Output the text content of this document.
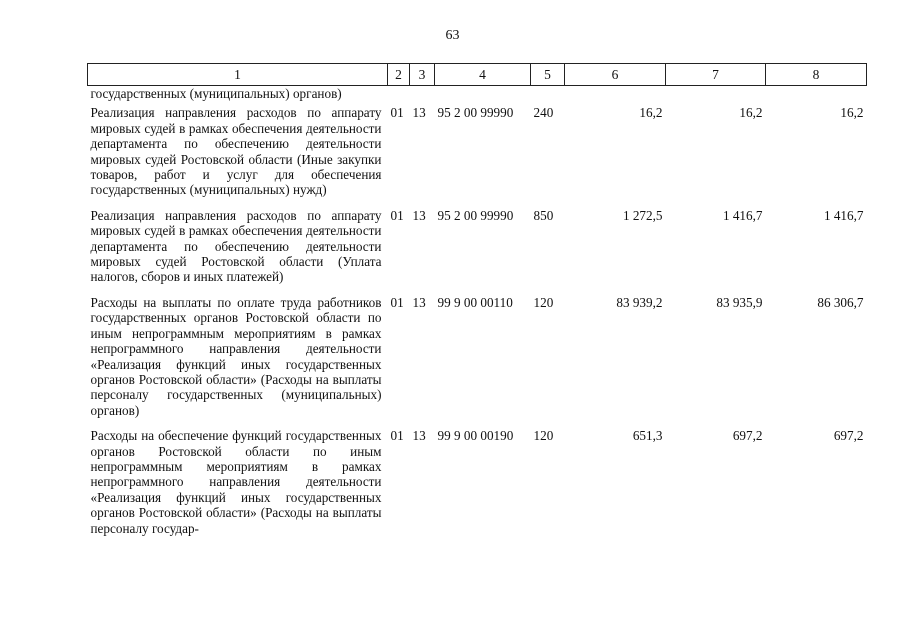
63
1	2	3	4	5	6	7	8
государственных (муниципальных) органов)							
Реализация направления расходов по аппарату мировых судей в рамках обеспечения деятельности департамента по обеспечению деятельности мировых судей Ростовской области (Иные закупки товаров, работ и услуг для обеспечения государственных (муниципальных) нужд)	01	13	95 2 00 99990	240	16,2	16,2	16,2
Реализация направления расходов по аппарату мировых судей в рамках обеспечения деятельности департамента по обеспечению деятельности мировых судей Ростовской области (Уплата налогов, сборов и иных платежей)	01	13	95 2 00 99990	850	1 272,5	1 416,7	1 416,7
Расходы на выплаты по оплате труда работников государственных органов Ростовской области по иным непрограммным мероприятиям в рамках непрограммного направления деятельности «Реализация функций иных государственных органов Ростовской области» (Расходы на выплаты персоналу государственных (муниципальных) органов)	01	13	99 9 00 00110	120	83 939,2	83 935,9	86 306,7
Расходы на обеспечение функций государственных органов Ростовской области по иным непрограммным мероприятиям в рамках непрограммного направления деятельности «Реализация функций иных государственных органов Ростовской области» (Расходы на выплаты персоналу государ-	01	13	99 9 00 00190	120	651,3	697,2	697,2
